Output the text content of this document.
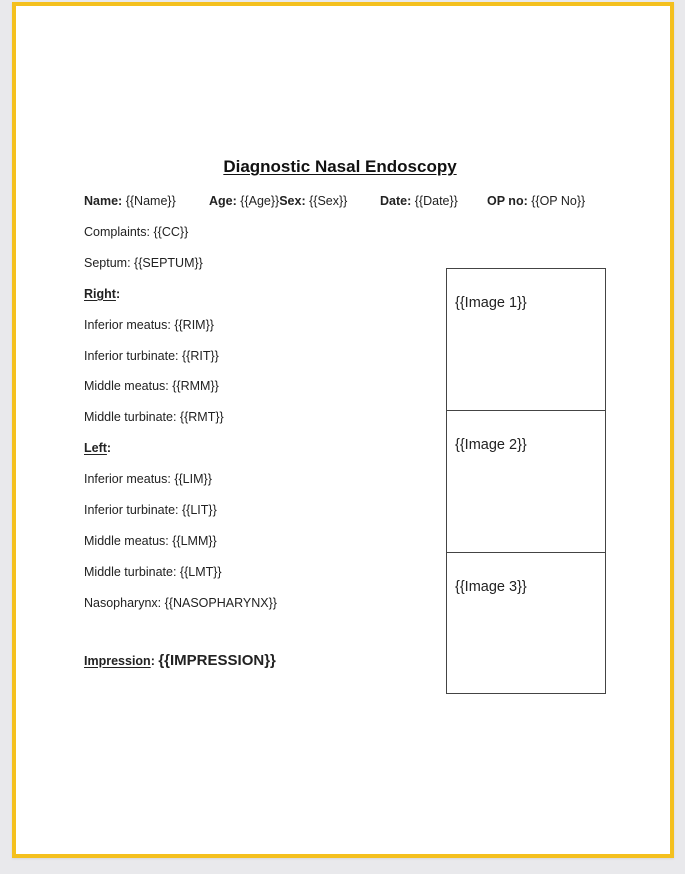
Diagnostic Nasal Endoscopy
Name: {{Name}}	Age: {{Age}}Sex: {{Sex}}	Date: {{Date}} OP no: {{OP No}}
Complaints: {{CC}}
Septum: {{SEPTUM}}
Right:
Inferior meatus: {{RIM}}
Inferior turbinate: {{RIT}}
Middle meatus: {{RMM}}
Middle turbinate: {{RMT}}
Left:
Inferior meatus: {{LIM}}
Inferior turbinate: {{LIT}}
Middle meatus: {{LMM}}
Middle turbinate: {{LMT}}
Nasopharynx: {{NASOPHARYNX}}
Impression: {{IMPRESSION}}
{{Image 1}}
{{Image 2}}
{{Image 3}}
